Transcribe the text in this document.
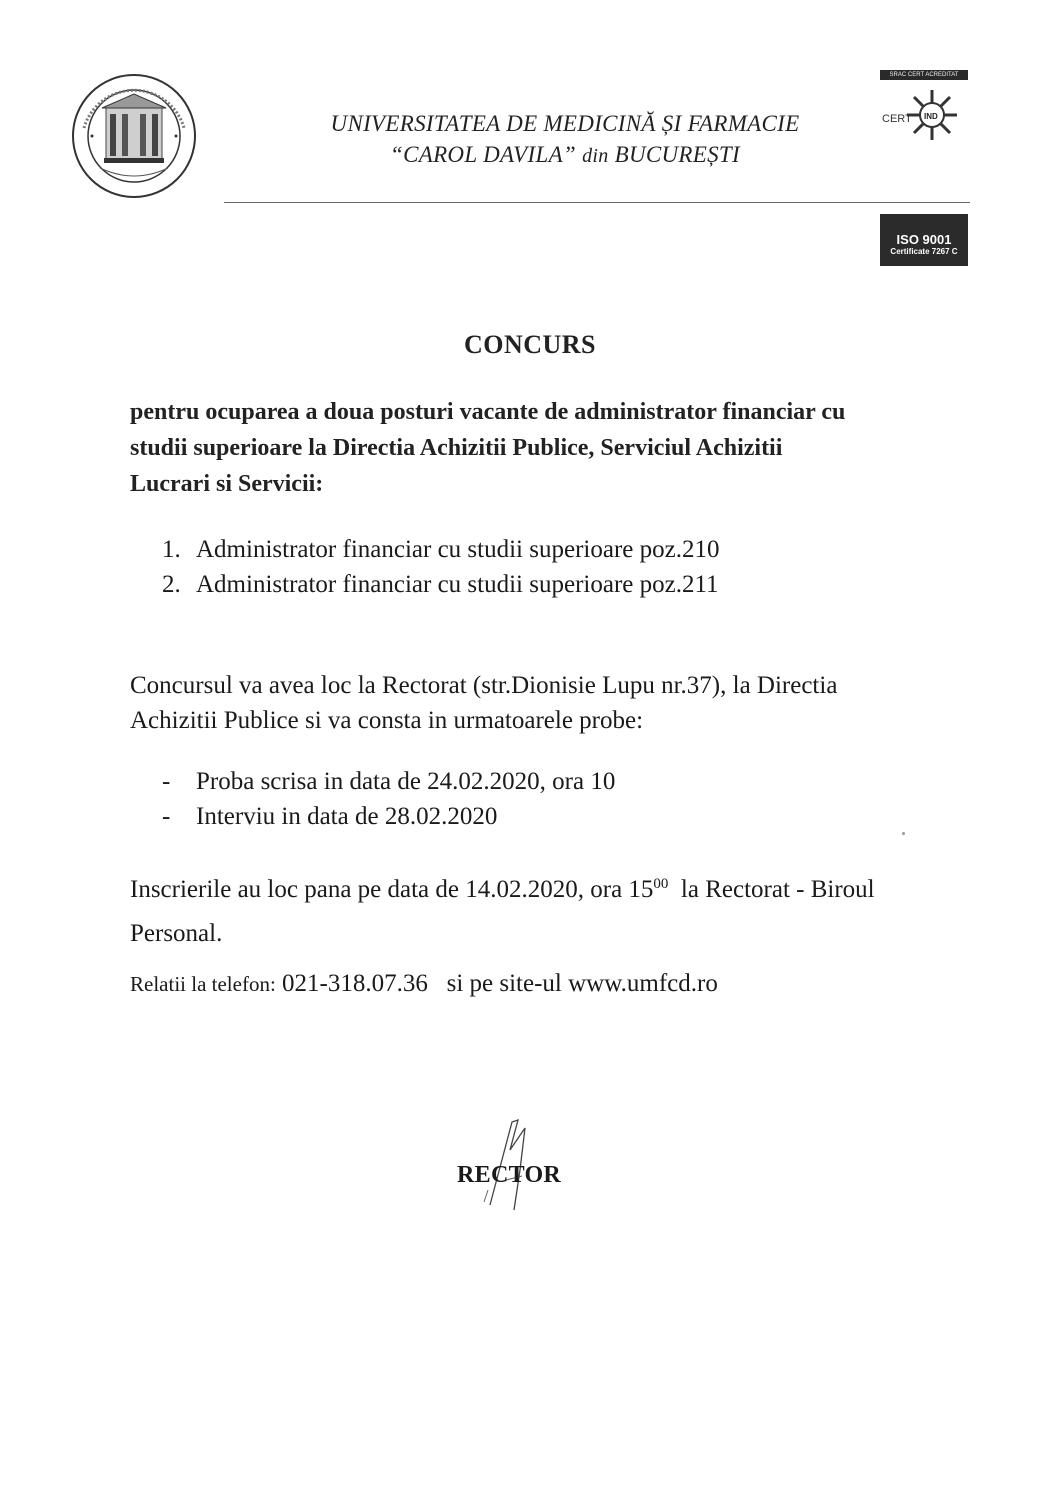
UNIVERSITATEA DE MEDICINĂ ȘI FARMACIE
“CAROL DAVILA” din BUCUREȘTI
SRAC CERT ACREDITAT
CERT IND
ISO 9001
Certificate 7267 C
CONCURS
pentru ocuparea a doua posturi vacante de administrator financiar cu
studii superioare la Directia Achizitii Publice, Serviciul Achizitii
Lucrari si Servicii:
1. Administrator financiar cu studii superioare poz.210
2. Administrator financiar cu studii superioare poz.211
Concursul va avea loc la Rectorat (str.Dionisie Lupu nr.37), la Directia
Achizitii Publice si va consta in urmatoarele probe:
- Proba scrisa in data de 24.02.2020, ora 10
- Interviu in data de 28.02.2020
Inscrierile au loc pana pe data de 14.02.2020, ora $15^{00}$  la Rectorat - Biroul
Personal.
Relatii la telefon: 021-318.07.36   si pe site-ul www.umfcd.ro
RECTOR
